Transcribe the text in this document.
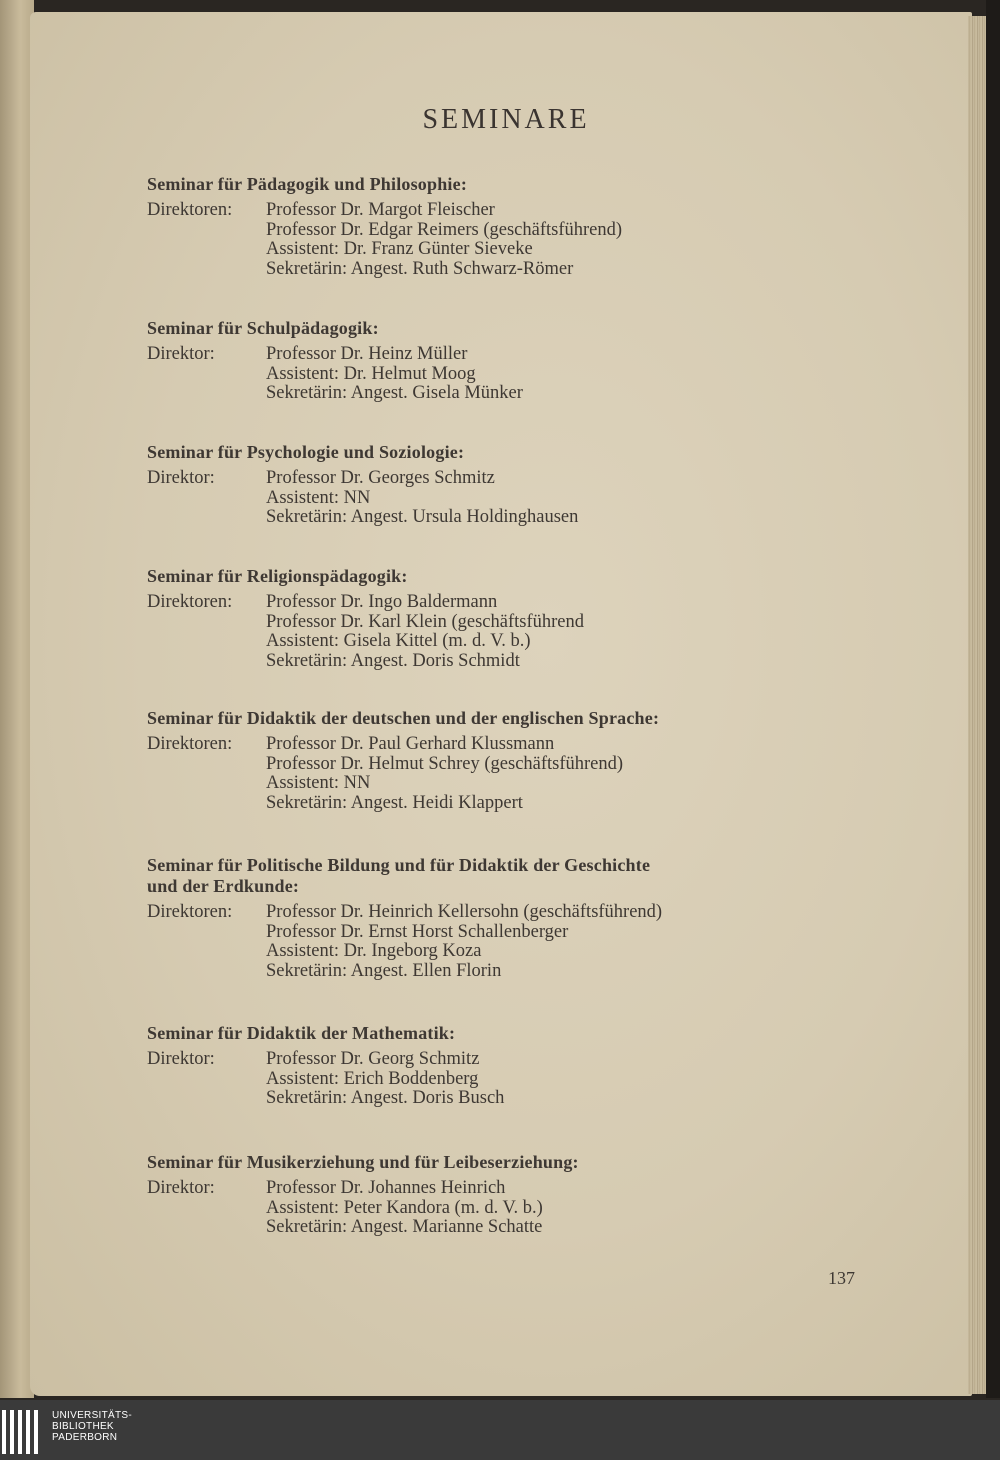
SEMINARE
Seminar für Pädagogik und Philosophie:
Direktoren:	Professor Dr. Margot Fleischer
Professor Dr. Edgar Reimers (geschäftsführend)
Assistent: Dr. Franz Günter Sieveke
Sekretärin: Angest. Ruth Schwarz-Römer
Seminar für Schulpädagogik:
Direktor:	Professor Dr. Heinz Müller
Assistent: Dr. Helmut Moog
Sekretärin: Angest. Gisela Münker
Seminar für Psychologie und Soziologie:
Direktor:	Professor Dr. Georges Schmitz
Assistent: NN
Sekretärin: Angest. Ursula Holdinghausen
Seminar für Religionspädagogik:
Direktoren:	Professor Dr. Ingo Baldermann
Professor Dr. Karl Klein (geschäftsführend
Assistent: Gisela Kittel (m. d. V. b.)
Sekretärin: Angest. Doris Schmidt
Seminar für Didaktik der deutschen und der englischen Sprache:
Direktoren:	Professor Dr. Paul Gerhard Klussmann
Professor Dr. Helmut Schrey (geschäftsführend)
Assistent: NN
Sekretärin: Angest. Heidi Klappert
Seminar für Politische Bildung und für Didaktik der Geschichte
und der Erdkunde:
Direktoren:	Professor Dr. Heinrich Kellersohn (geschäftsführend)
Professor Dr. Ernst Horst Schallenberger
Assistent: Dr. Ingeborg Koza
Sekretärin: Angest. Ellen Florin
Seminar für Didaktik der Mathematik:
Direktor:	Professor Dr. Georg Schmitz
Assistent: Erich Boddenberg
Sekretärin: Angest. Doris Busch
Seminar für Musikerziehung und für Leibeserziehung:
Direktor:	Professor Dr. Johannes Heinrich
Assistent: Peter Kandora (m. d. V. b.)
Sekretärin: Angest. Marianne Schatte
137
UNIVERSITÄTS-
BIBLIOTHEK
PADERBORN
